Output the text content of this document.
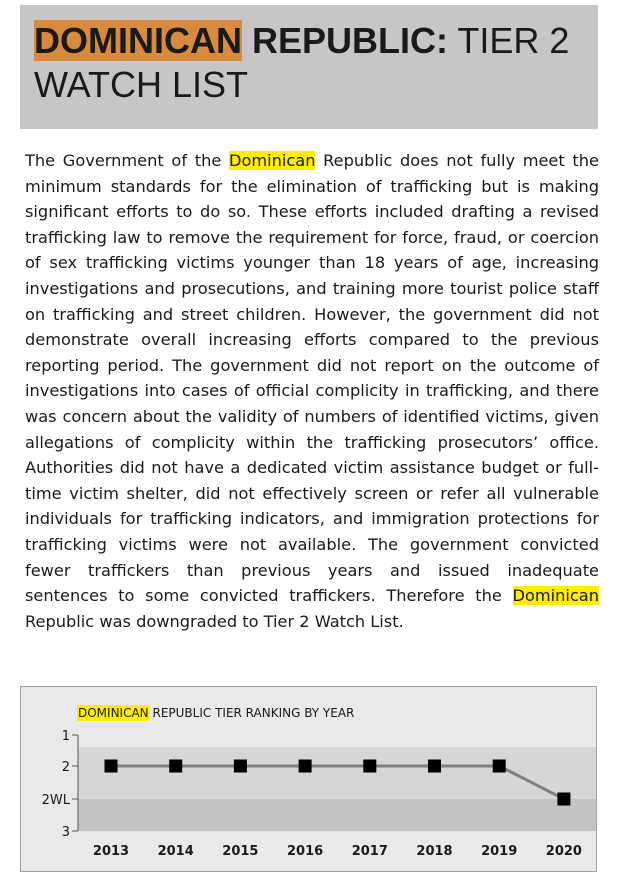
DOMINICAN REPUBLIC: TIER 2 WATCH LIST

The Government of the Dominican Republic does not fully meet the minimum standards for the elimination of trafficking but is making significant efforts to do so. These efforts included drafting a revised trafficking law to remove the requirement for force, fraud, or coercion of sex trafficking victims younger than 18 years of age, increasing investigations and prosecutions, and training more tourist police staff on trafficking and street children. However, the government did not demonstrate overall increasing efforts compared to the previous reporting period. The government did not report on the outcome of investigations into cases of official complicity in trafficking, and there was concern about the validity of numbers of identified victims, given allegations of complicity within the trafficking prosecutors’ office. Authorities did not have a dedicated victim assistance budget or full-time victim shelter, did not effectively screen or refer all vulnerable individuals for trafficking indicators, and immigration protections for trafficking victims were not available. The government convicted fewer traffickers than previous years and issued inadequate sentences to some convicted traffickers. Therefore the Dominican Republic was downgraded to Tier 2 Watch List.

DOMINICAN REPUBLIC TIER RANKING BY YEAR
1
2
2WL
3
2013 2014 2015 2016 2017 2018 2019 2020
